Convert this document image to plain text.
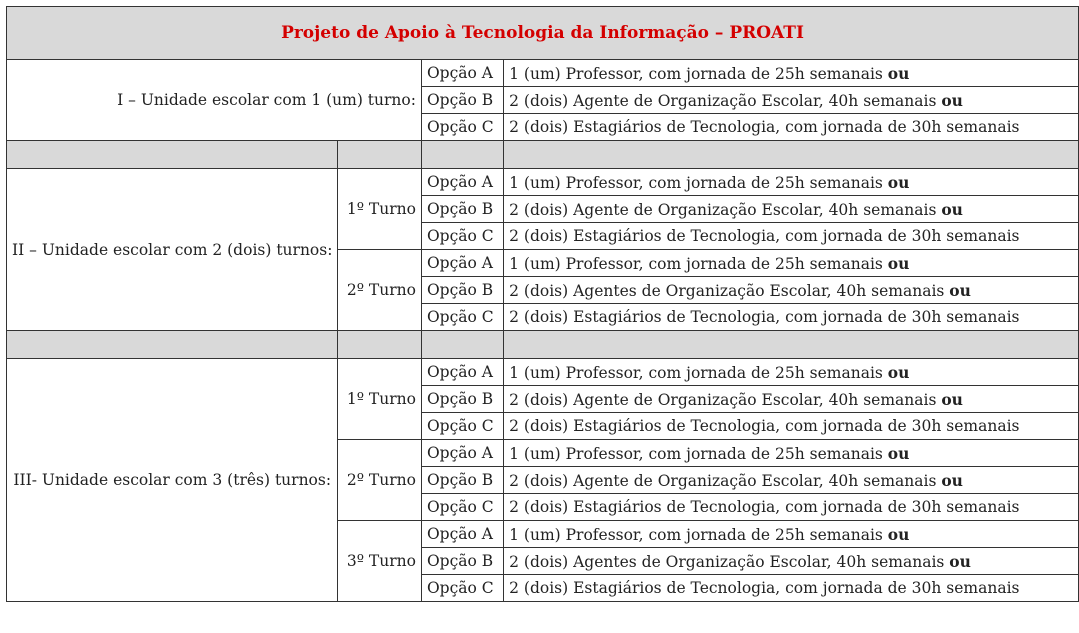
Projeto de Apoio à Tecnologia da Informação – PROATI			
I – Unidade escolar com 1 (um) turno:		Opção A	1 (um) Professor, com jornada de 25h semanais ou
		Opção B	2 (dois) Agente de Organização Escolar, 40h semanais ou
		Opção C	2 (dois) Estagiários de Tecnologia, com jornada de 30h semanais

II – Unidade escolar com 2 (dois) turnos:	1º Turno	Opção A	1 (um) Professor, com jornada de 25h semanais ou
		Opção B	2 (dois) Agente de Organização Escolar, 40h semanais ou
		Opção C	2 (dois) Estagiários de Tecnologia, com jornada de 30h semanais
	2º Turno	Opção A	1 (um) Professor, com jornada de 25h semanais ou
		Opção B	2 (dois) Agentes de Organização Escolar, 40h semanais ou
		Opção C	2 (dois) Estagiários de Tecnologia, com jornada de 30h semanais

III- Unidade escolar com 3 (três) turnos:	1º Turno	Opção A	1 (um) Professor, com jornada de 25h semanais ou
		Opção B	2 (dois) Agente de Organização Escolar, 40h semanais ou
		Opção C	2 (dois) Estagiários de Tecnologia, com jornada de 30h semanais
	2º Turno	Opção A	1 (um) Professor, com jornada de 25h semanais ou
		Opção B	2 (dois) Agente de Organização Escolar, 40h semanais ou
		Opção C	2 (dois) Estagiários de Tecnologia, com jornada de 30h semanais
	3º Turno	Opção A	1 (um) Professor, com jornada de 25h semanais ou
		Opção B	2 (dois) Agentes de Organização Escolar, 40h semanais ou
		Opção C	2 (dois) Estagiários de Tecnologia, com jornada de 30h semanais
